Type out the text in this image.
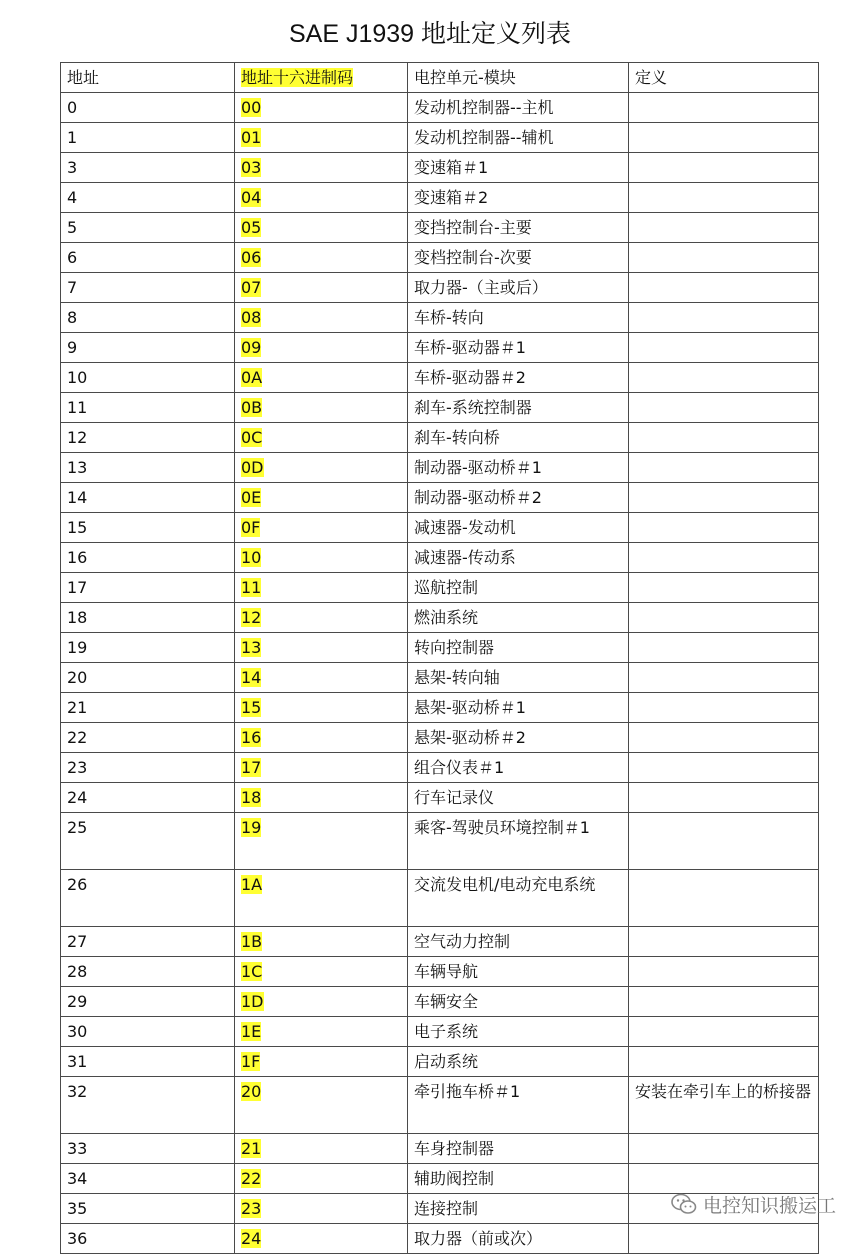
SAE J1939 地址定义列表
地址	地址十六进制码	电控单元-模块	定义
0	00	发动机控制器--主机	
1	01	发动机控制器--辅机	
3	03	变速箱＃1	
4	04	变速箱＃2	
5	05	变挡控制台-主要	
6	06	变档控制台-次要	
7	07	取力器-（主或后）	
8	08	车桥-转向	
9	09	车桥-驱动器＃1	
10	0A	车桥-驱动器＃2	
11	0B	刹车-系统控制器	
12	0C	刹车-转向桥	
13	0D	制动器-驱动桥＃1	
14	0E	制动器-驱动桥＃2	
15	0F	减速器-发动机	
16	10	减速器-传动系	
17	11	巡航控制	
18	12	燃油系统	
19	13	转向控制器	
20	14	悬架-转向轴	
21	15	悬架-驱动桥＃1	
22	16	悬架-驱动桥＃2	
23	17	组合仪表＃1	
24	18	行车记录仪	
25	19	乘客-驾驶员环境控制＃1	
26	1A	交流发电机/电动充电系统	
27	1B	空气动力控制	
28	1C	车辆导航	
29	1D	车辆安全	
30	1E	电子系统	
31	1F	启动系统	
32	20	牵引拖车桥＃1	安装在牵引车上的桥接器
33	21	车身控制器	
34	22	辅助阀控制	
35	23	连接控制	
36	24	取力器（前或次）	
电控知识搬运工
